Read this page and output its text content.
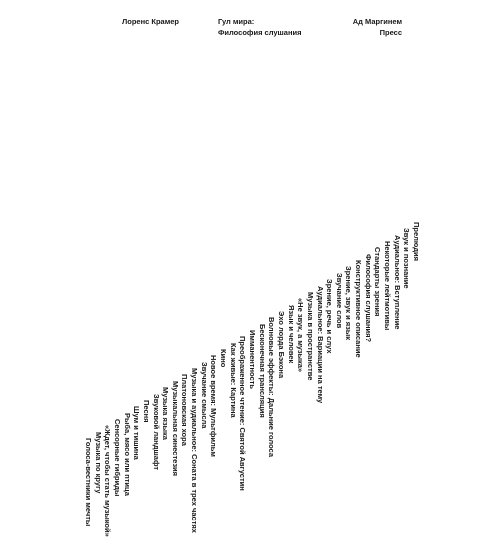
Лоренс Крамер	Гул мира:
Философия слушания
Ад Маргинем
Пресс
Прелюдия
Звук и познание
Аудиальное: Вступление
Некоторые лейтмотивы
Стандарты зрения
Философия слушания?
Конструктивное описание
Зрение, звук и язык
Звучание слов
Зрение, речь и слух
Аудиальное: Вариации на тему
Музыка в пространстве
«Не звук, а музыка»
Язык и человек
Эхо лорда Бэкона
Волновые эффекты: Дальние голоса
Бесконечная трансляция
Имманентность
Преображенное чтение: Святой Августин
Как живые: Картина
Кино
Новое время: Мультфильм
Звучание смысла
Музыка и аудиальное: Соната в трех частях
Платоновская хора
Музыкальная синестезия
Музыка языка
Звуковой ландшафт
Песня
Шум и тишина
Рыба, мясо или птица
Сенсорные гибриды
«Ждет, чтобы стать музыкой»
Музыка по кругу
Голоса-вестники мечты
